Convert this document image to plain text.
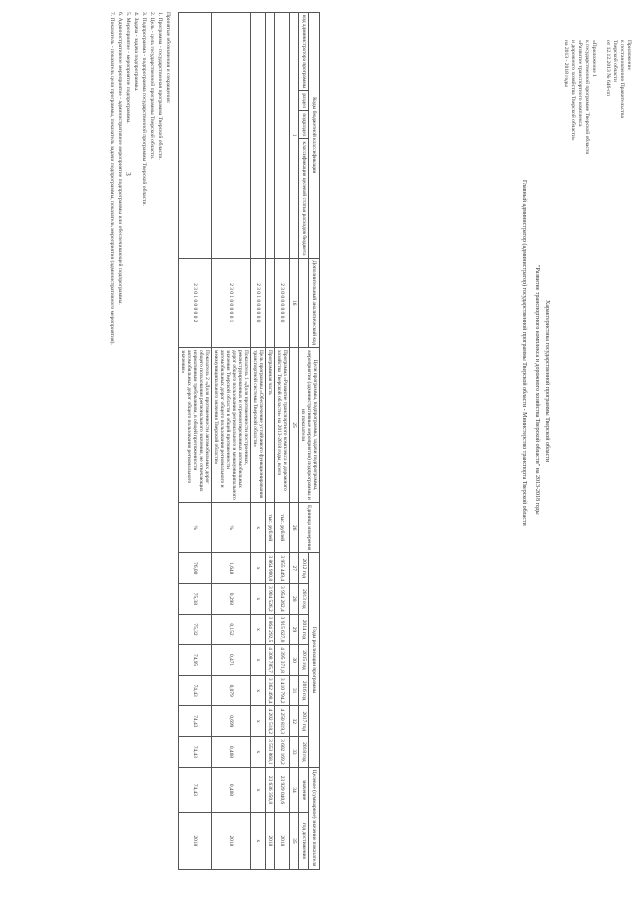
3
Приложение
к постановлению Правительства
Тверской области
от 12.12.2013 № 646-пп

«Приложение 1
к государственной программе Тверской области
«Развитие транспортного комплекса
и дорожного хозяйства Тверской области»
на 2013 - 2018 годы
Характеристика государственной программы Тверской области
"Развитие транспортного комплекса и дорожного хозяйства Тверской области" на 2013-2018 годы
Главный администратор (администратор) государственной программы Тверской области - Министерство транспорта Тверской области
Коды бюджетной классификации				Дополнительный аналитический код	Цели программы, подпрограммы, задачи подпрограммы, мероприятия (административные мероприятия) подпрограммы и их показатели	Единица измерения	Годы реализации программы							Целевое (суммарное) значение показателя	
код администратора программы	раздел	подраздел	классификация целевой статьи расходов бюджета				2012 год	2013 год	2014 год	2015 год	2016 год	2017 год	2018 год	значение	год достижения
1				16	25	26	27	28	29	30	31	32	33	34	35
				2 3 0 0 0 0 0 0 0 0	Программа «Развитие транспортного комплекса и дорожного хозяйства Тверской области» на 2013-2018 годы, всего	тыс. рублей	3 955 449,4	3 954 262,4	3 915 627,0	4 395 371,8	3 410 794,2	4 250 819,3	3 602 169,2	23 929 040,6	2018
					Программная часть	тыс. рублей	3 864 900,8	3 904 526,2	3 864 292,5	4 308 785,7	3 362 498,4	4 202 518,2	3 553 868,1	23 636 350,8	2018
				2 3 0 1 0 0 0 0 0 0	Цель программы «Обеспечение устойчивого функционирования транспортной системы Тверской области»	х	х	х	х	х	х	х	х	х	х
				2 3 0 1 0 0 0 0 0 1	Показатель 1 «Доля протяженности построенных, реконструированных и отремонтированных автомобильных дорог общего пользования регионального и межмуниципального значения Тверской области в общей протяженности автомобильных дорог общего пользования регионального и межмуниципального значения Тверской области»	%	1,648	0,298	0,152	0,471	0,079	0,699	0,408	0,408	2018
				2 3 0 1 0 0 0 0 0 2	Показатель 2 «Доля протяженности автомобильных дорог общего пользования регионального значения, не отвечающих нормативным требованиям, в общей протяженности автомобильных дорог общего пользования регионального значения»	%	76,00	75,38	75,32	74,95	74,43	74,43	74,43	74,43	2018
Принятые обозначения и сокращения:
1. Программа - государственная программа Тверской области.
2. Цель - цель государственной программы Тверской области.
3. Подпрограмма - подпрограмма государственной программы Тверской области.
4. Задача - задача подпрограммы.
5. Мероприятие - мероприятие подпрограммы.
6. Административное мероприятие - административное мероприятие подпрограммы или обеспечивающей подпрограммы.
7. Показатель - показатель цели программы, показатель задачи подпрограммы, показатель мероприятия (административного мероприятия).
